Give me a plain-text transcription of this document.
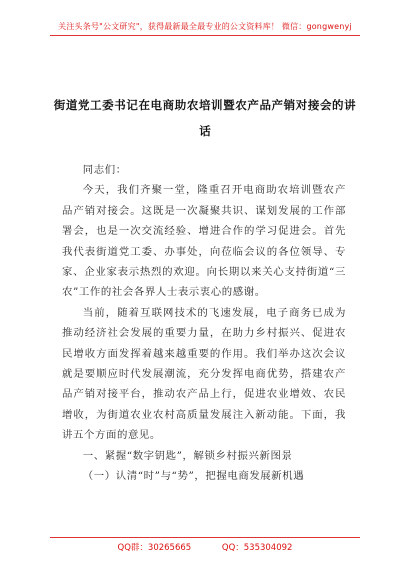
关注头条号"公文研究"，获得最新最全最专业的公文资料库！ 微信：gongwenyj
街道党工委书记在电商助农培训暨农产品产销对接会的讲
话

同志们：

今天，我们齐聚一堂，隆重召开电商助农培训暨农产品产销对接会。这既是一次凝聚共识、谋划发展的工作部署会，也是一次交流经验、增进合作的学习促进会。首先我代表街道党工委、办事处，向莅临会议的各位领导、专家、企业家表示热烈的欢迎。向长期以来关心支持街道“三农”工作的社会各界人士表示衷心的感谢。

当前，随着互联网技术的飞速发展，电子商务已成为推动经济社会发展的重要力量，在助力乡村振兴、促进农民增收方面发挥着越来越重要的作用。我们举办这次会议就是要顺应时代发展潮流，充分发挥电商优势，搭建农产品产销对接平台，推动农产品上行，促进农业增效、农民增收，为街道农业农村高质量发展注入新动能。下面，我讲五个方面的意见。

一、紧握“数字钥匙”，解锁乡村振兴新图景

（一）认清“时”与“势”，把握电商发展新机遇

QQ群：30265665	QQ：535304092
